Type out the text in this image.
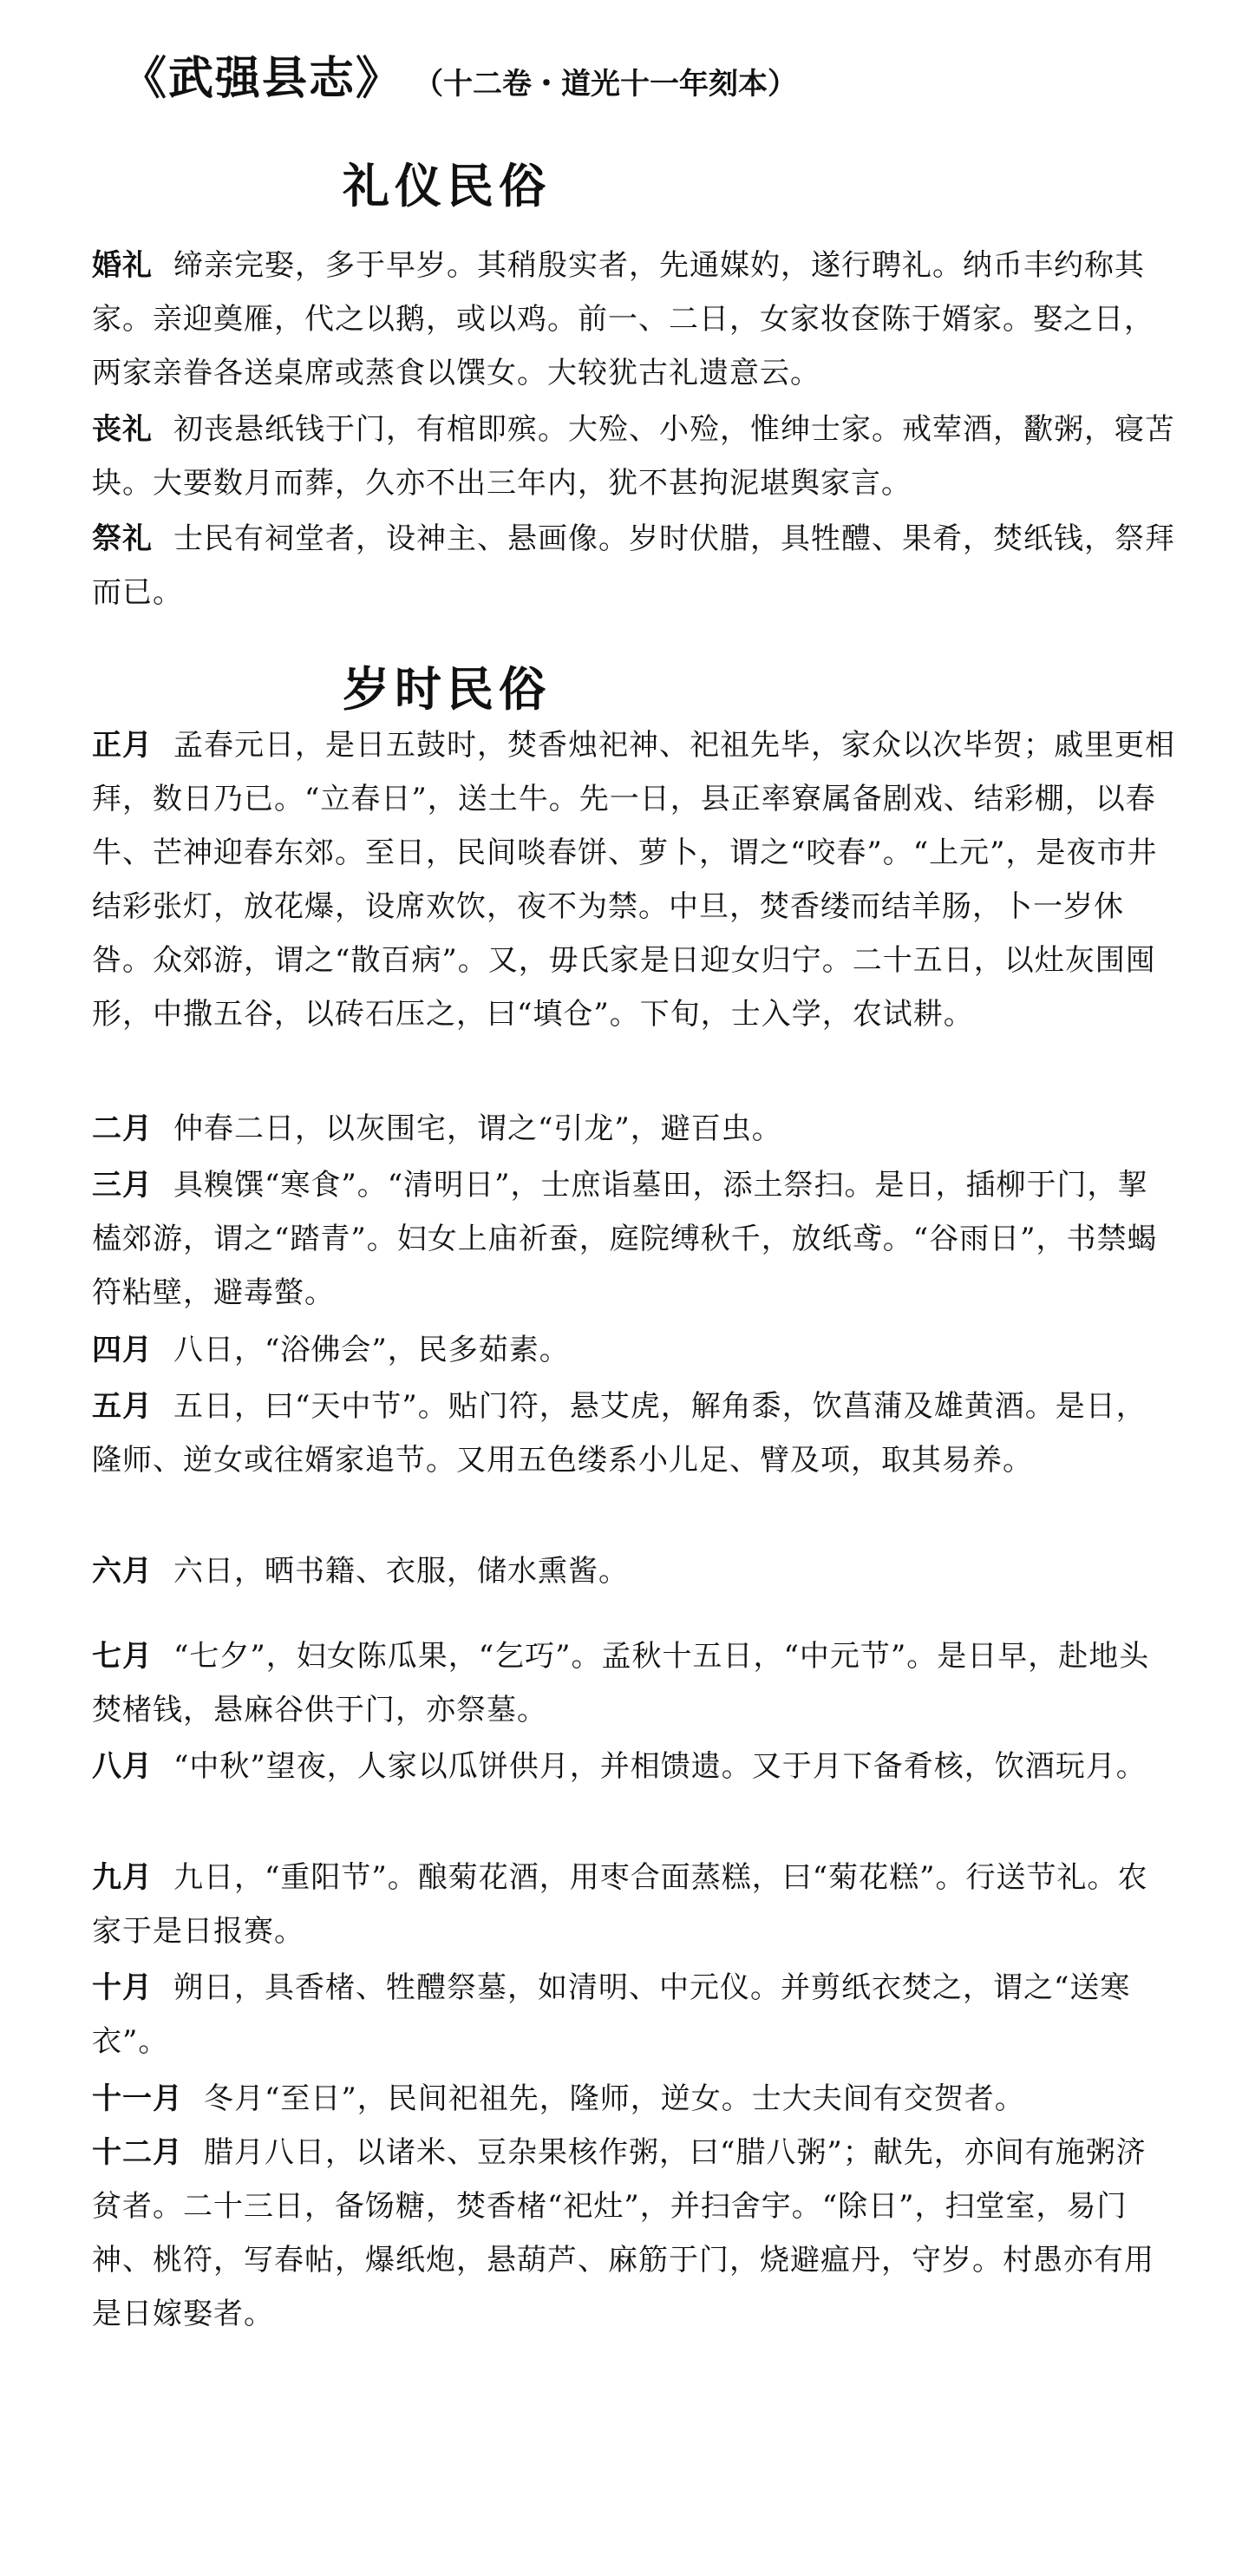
《武强县志》 （十二卷・道光十一年刻本）
礼仪民俗
婚礼 缔亲完娶，多于早岁。其稍殷实者，先通媒妁，遂行聘礼。纳币丰约称其家。亲迎奠雁，代之以鹅，或以鸡。前一、二日，女家妆奁陈于婿家。娶之日，两家亲眷各送桌席或蒸食以馔女。大较犹古礼遗意云。
丧礼 初丧悬纸钱于门，有棺即殡。大殓、小殓，惟绅士家。戒荤酒，歠粥，寝苫块。大要数月而葬，久亦不出三年内，犹不甚拘泥堪舆家言。
祭礼 士民有祠堂者，设神主、悬画像。岁时伏腊，具牲醴、果肴，焚纸钱，祭拜而已。
岁时民俗
正月 孟春元日，是日五鼓时，焚香烛祀神、祀祖先毕，家众以次毕贺；戚里更相拜，数日乃已。“立春日”，送土牛。先一日，县正率寮属备剧戏、结彩棚，以春牛、芒神迎春东郊。至日，民间啖春饼、萝卜，谓之“咬春”。“上元”，是夜市井结彩张灯，放花爆，设席欢饮，夜不为禁。中旦，焚香缕而结羊肠，卜一岁休咎。众郊游，谓之“散百病”。又，毋氏家是日迎女归宁。二十五日，以灶灰围囤形，中撒五谷，以砖石压之，曰“填仓”。下旬，士入学，农试耕。
二月 仲春二日，以灰围宅，谓之“引龙”，避百虫。
三月 具糗馔“寒食”。“清明日”，士庶诣墓田，添土祭扫。是日，插柳于门，挈榼郊游，谓之“踏青”。妇女上庙祈蚕，庭院缚秋千，放纸鸢。“谷雨日”，书禁蝎符粘壁，避毒螫。
四月 八日，“浴佛会”，民多茹素。
五月 五日，曰“天中节”。贴门符，悬艾虎，解角黍，饮菖蒲及雄黄酒。是日，隆师、逆女或往婿家追节。又用五色缕系小儿足、臂及项，取其易养。
六月 六日，晒书籍、衣服，储水熏酱。
七月 “七夕”，妇女陈瓜果，“乞巧”。孟秋十五日，“中元节”。是日早，赴地头焚楮钱，悬麻谷供于门，亦祭墓。
八月 “中秋”望夜，人家以瓜饼供月，并相馈遗。又于月下备肴核，饮酒玩月。
九月 九日，“重阳节”。酿菊花酒，用枣合面蒸糕，曰“菊花糕”。行送节礼。农家于是日报赛。
十月 朔日，具香楮、牲醴祭墓，如清明、中元仪。并剪纸衣焚之，谓之“送寒衣”。
十一月 冬月“至日”，民间祀祖先，隆师，逆女。士大夫间有交贺者。
十二月 腊月八日，以诸米、豆杂果核作粥，曰“腊八粥”；献先，亦间有施粥济贫者。二十三日，备饧糖，焚香楮“祀灶”，并扫舍宇。“除日”，扫堂室，易门神、桃符，写春帖，爆纸炮，悬葫芦、麻筋于门，烧避瘟丹，守岁。村愚亦有用是日嫁娶者。
